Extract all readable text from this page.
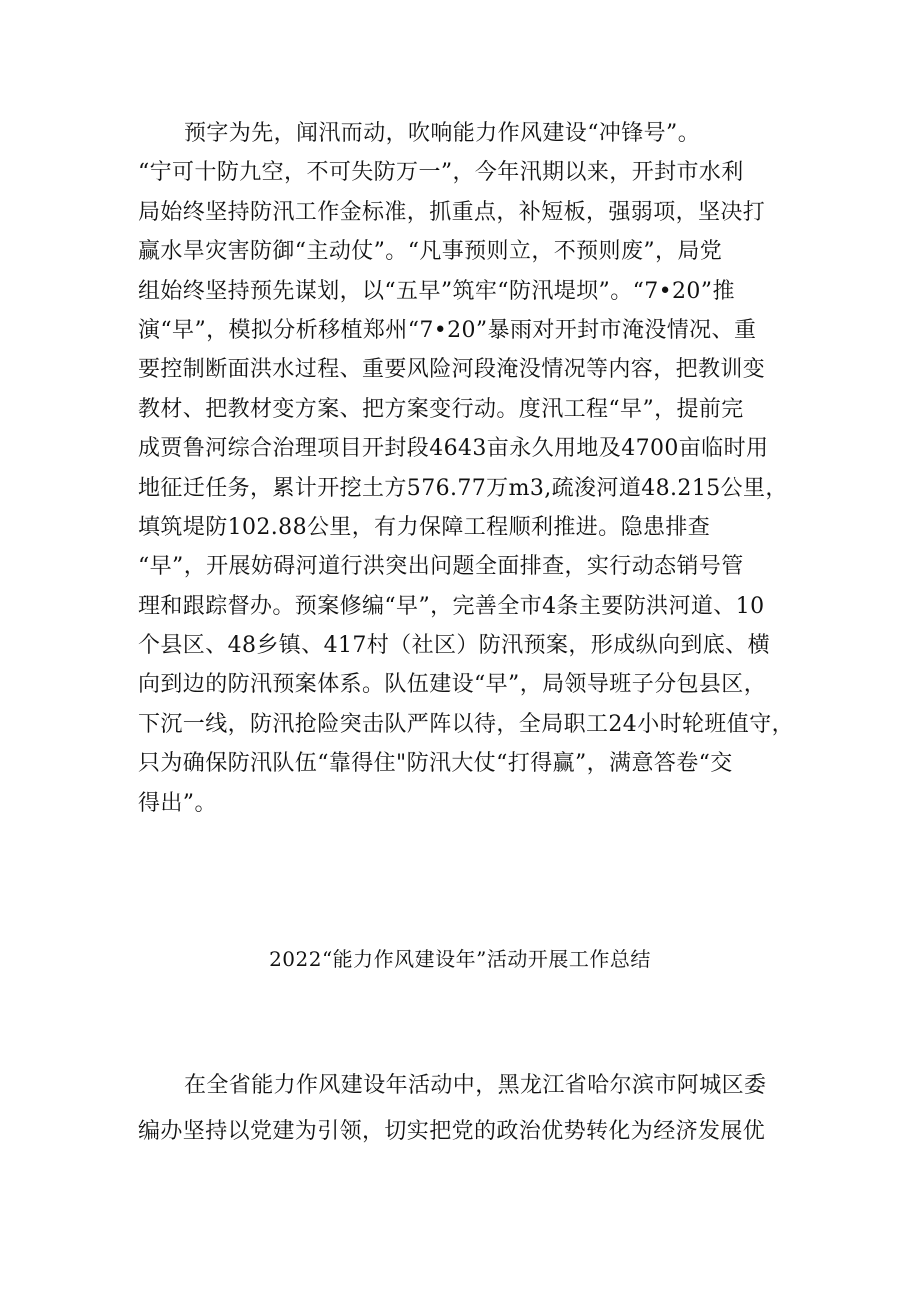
预字为先，闻汛而动，吹响能力作风建设“冲锋号”。
“宁可十防九空，不可失防万一”，今年汛期以来，开封市水利
局始终坚持防汛工作金标准，抓重点，补短板，强弱项，坚决打
赢水旱灾害防御“主动仗”。“凡事预则立，不预则废”，局党
组始终坚持预先谋划，以“五早”筑牢“防汛堤坝”。“7•20”推
演“早”，模拟分析移植郑州“7•20”暴雨对开封市淹没情况、重
要控制断面洪水过程、重要风险河段淹没情况等内容，把教训变
教材、把教材变方案、把方案变行动。度汛工程“早”，提前完
成贾鲁河综合治理项目开封段4643亩永久用地及4700亩临时用
地征迁任务，累计开挖土方576.77万m3,疏浚河道48.215公里，
填筑堤防102.88公里，有力保障工程顺利推进。隐患排查
“早”，开展妨碍河道行洪突出问题全面排查，实行动态销号管
理和跟踪督办。预案修编“早”，完善全市4条主要防洪河道、10
个县区、48乡镇、417村（社区）防汛预案，形成纵向到底、横
向到边的防汛预案体系。队伍建设“早”，局领导班子分包县区，
下沉一线，防汛抢险突击队严阵以待，全局职工24小时轮班值守，
只为确保防汛队伍“靠得住"防汛大仗“打得赢”，满意答卷“交
得出”。
2022“能力作风建设年”活动开展工作总结
在全省能力作风建设年活动中，黑龙江省哈尔滨市阿城区委
编办坚持以党建为引领，切实把党的政治优势转化为经济发展优
